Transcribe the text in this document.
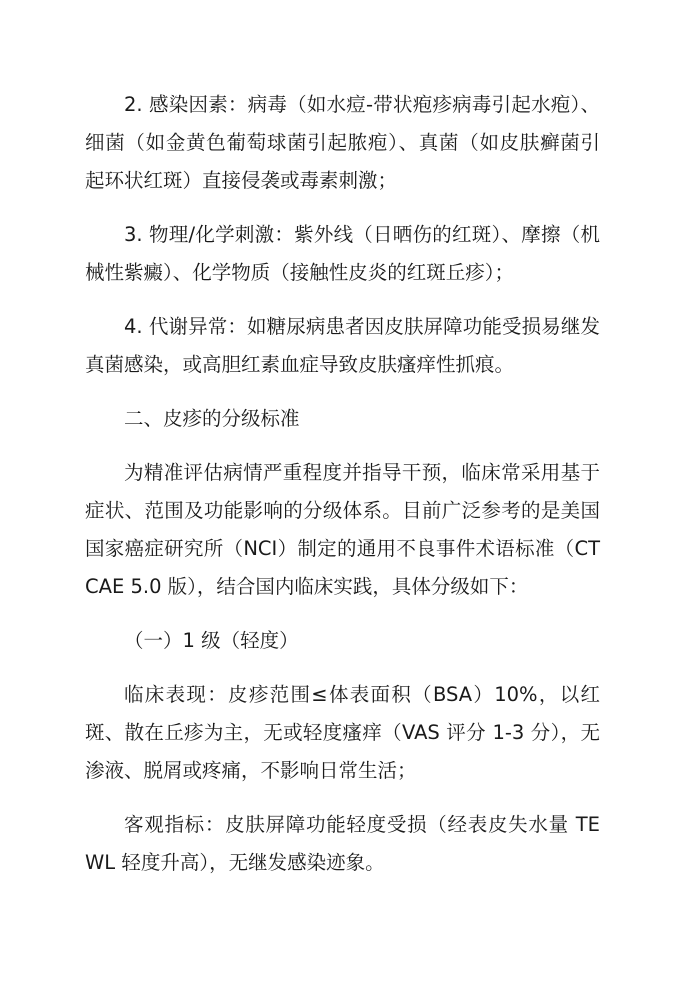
2. 感染因素：病毒（如水痘-带状疱疹病毒引起水疱）、细菌（如金黄色葡萄球菌引起脓疱）、真菌（如皮肤癣菌引起环状红斑）直接侵袭或毒素刺激；

3. 物理/化学刺激：紫外线（日晒伤的红斑）、摩擦（机械性紫癜）、化学物质（接触性皮炎的红斑丘疹）；

4. 代谢异常：如糖尿病患者因皮肤屏障功能受损易继发真菌感染，或高胆红素血症导致皮肤瘙痒性抓痕。

二、皮疹的分级标准

为精准评估病情严重程度并指导干预，临床常采用基于症状、范围及功能影响的分级体系。目前广泛参考的是美国国家癌症研究所（NCI）制定的通用不良事件术语标准（CTCAE 5.0 版），结合国内临床实践，具体分级如下：

（一）1 级（轻度）

临床表现：皮疹范围≤体表面积（BSA）10%，以红斑、散在丘疹为主，无或轻度瘙痒（VAS 评分 1-3 分），无渗液、脱屑或疼痛，不影响日常生活；

客观指标：皮肤屏障功能轻度受损（经表皮失水量 TEWL 轻度升高），无继发感染迹象。
